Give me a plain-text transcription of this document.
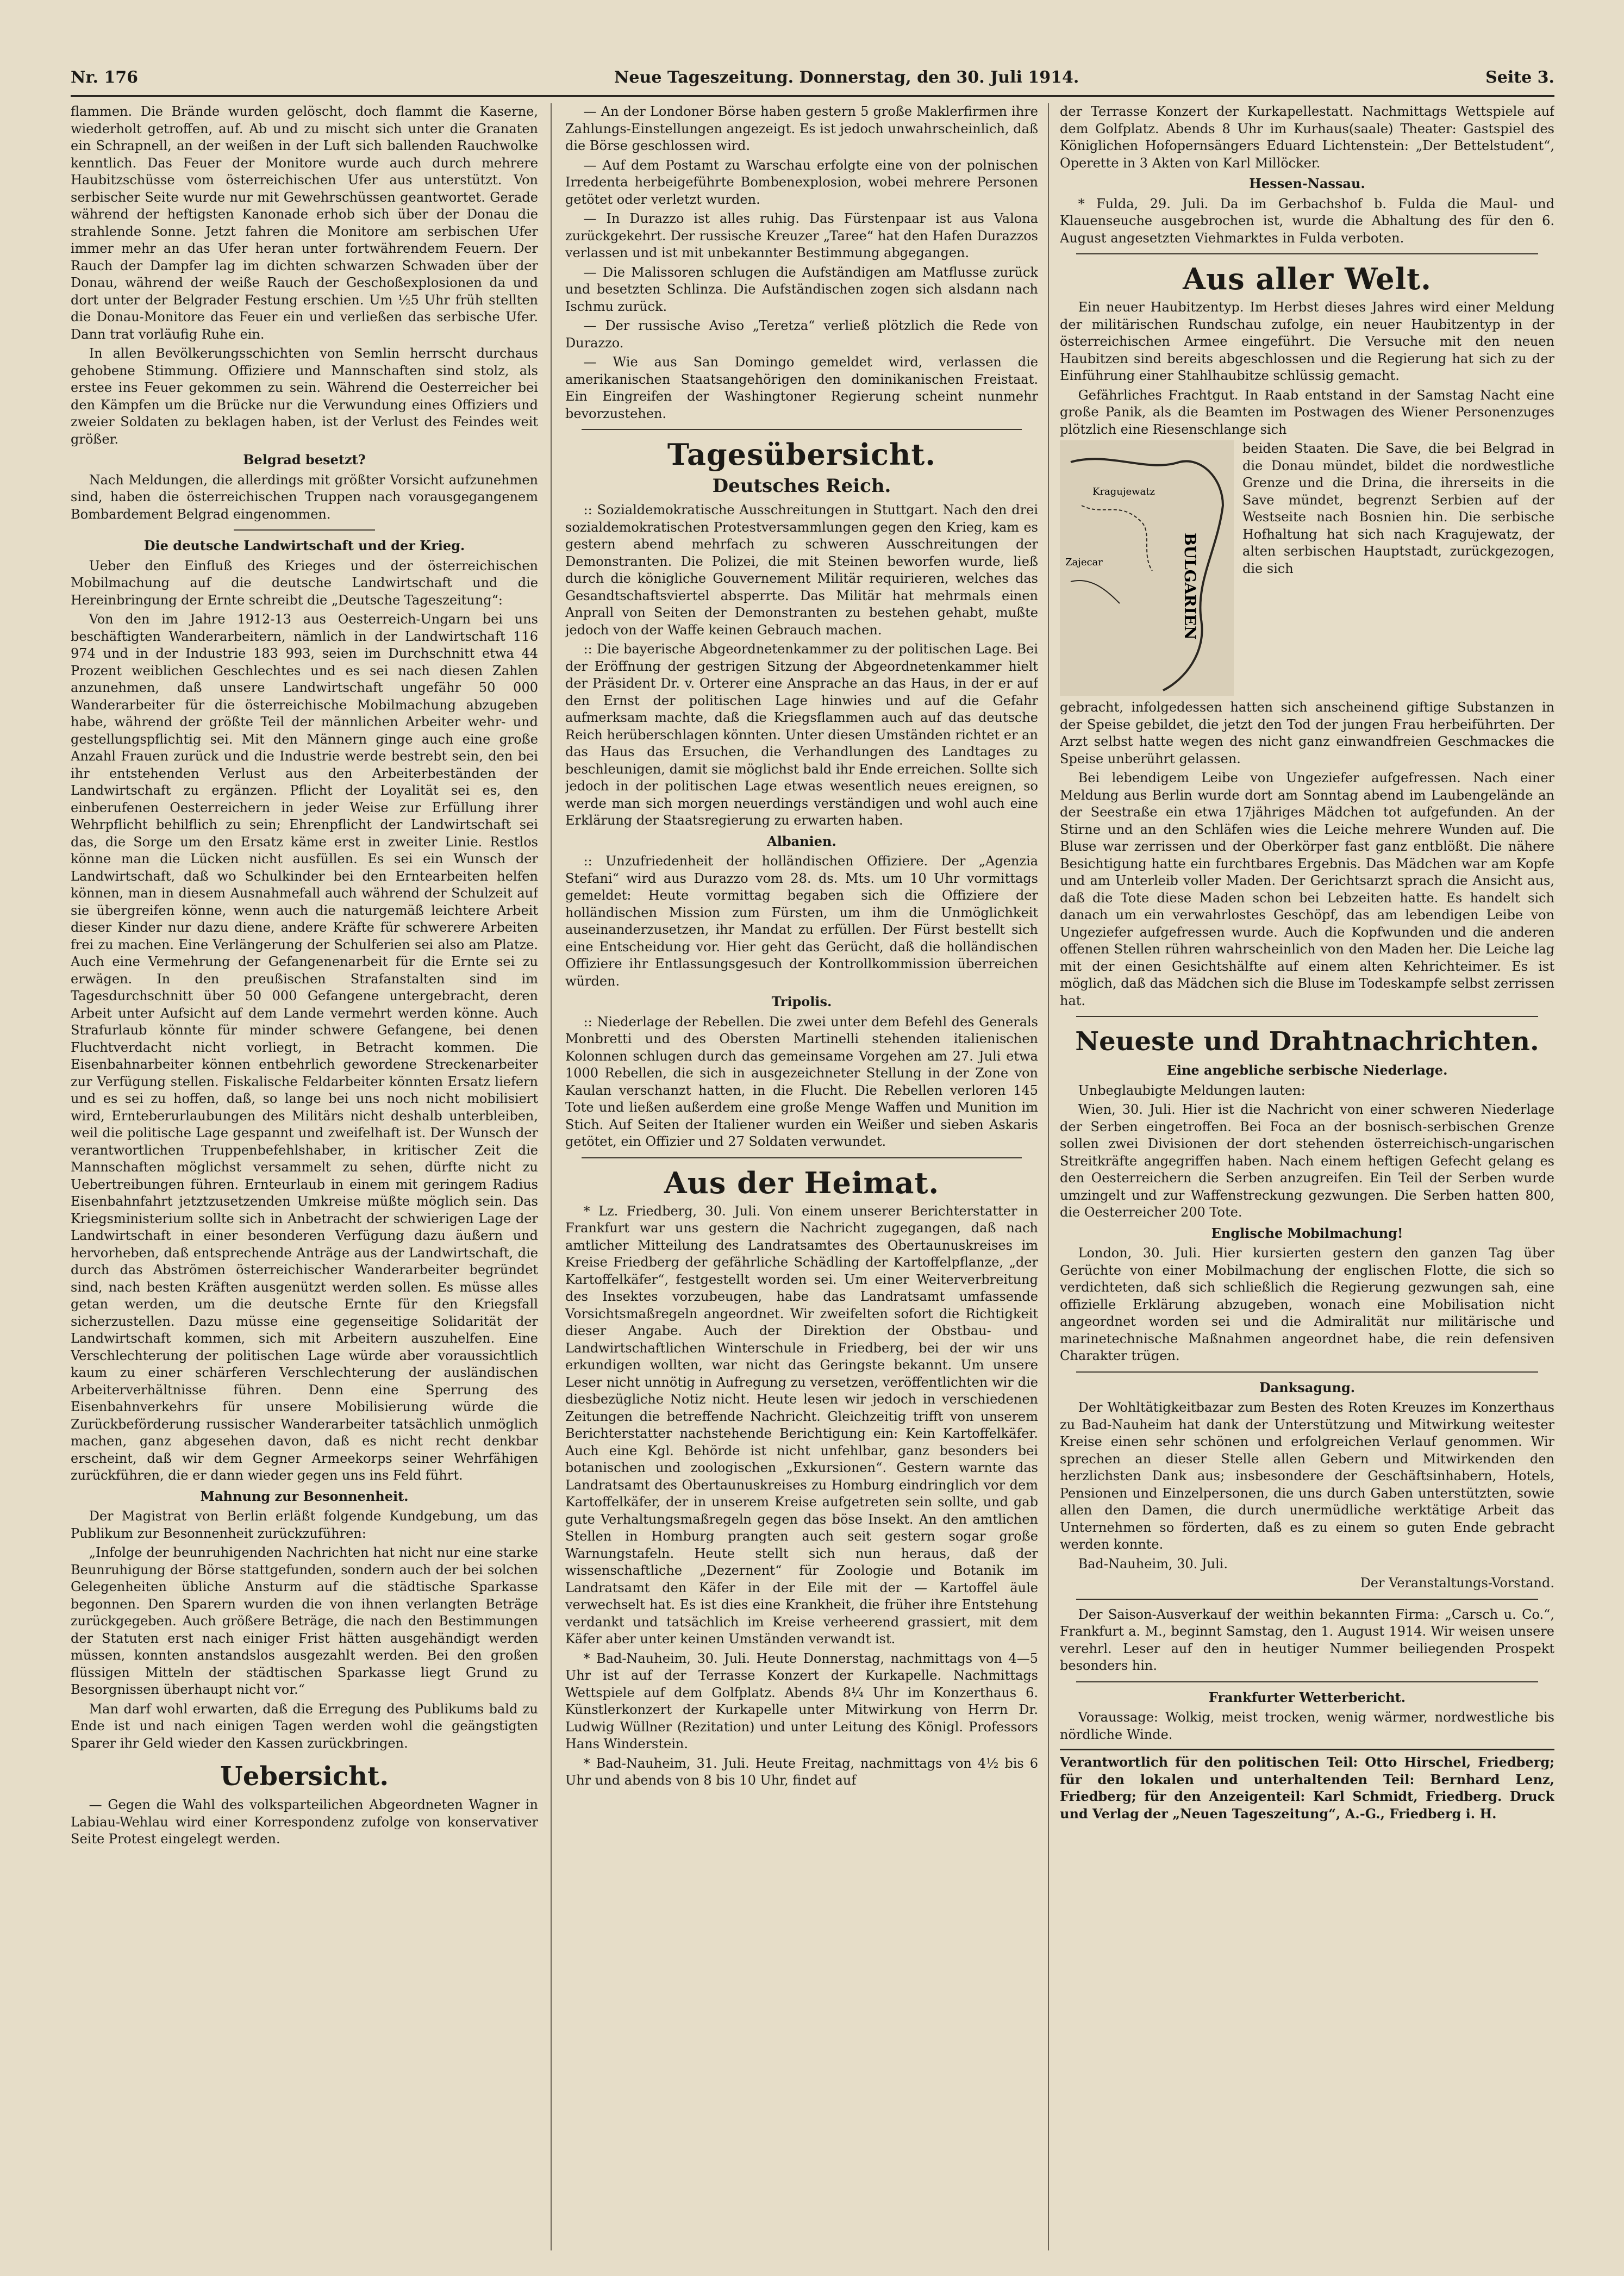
Nr. 176	Neue Tageszeitung. Donnerstag, den 30. Juli 1914.	Seite 3.

flammen. Die Brände wurden gelöscht, doch flammt die Kaserne, wiederholt getroffen, auf. Ab und zu mischt sich unter die Granaten ein Schrapnell, an der weißen in der Luft sich ballenden Rauchwolke kenntlich. Das Feuer der Monitore wurde auch durch mehrere Haubitzschüsse vom österreichischen Ufer aus unterstützt. Von serbischer Seite wurde nur mit Gewehrschüssen geantwortet. Gerade während der heftigsten Kanonade erhob sich über der Donau die strahlende Sonne. Jetzt fahren die Monitore am serbischen Ufer immer mehr an das Ufer heran unter fortwährendem Feuern. Der Rauch der Dampfer lag im dichten schwarzen Schwaden über der Donau, während der weiße Rauch der Geschoßexplosionen da und dort unter der Belgrader Festung erschien. Um ½5 Uhr früh stellten die Donau-Monitore das Feuer ein und verließen das serbische Ufer. Dann trat vorläufig Ruhe ein.

In allen Bevölkerungsschichten von Semlin herrscht durchaus gehobene Stimmung. Offiziere und Mannschaften sind stolz, als erstee ins Feuer gekommen zu sein. Während die Oesterreicher bei den Kämpfen um die Brücke nur die Verwundung eines Offiziers und zweier Soldaten zu beklagen haben, ist der Verlust des Feindes weit größer.

Belgrad besetzt?

Nach Meldungen, die allerdings mit größter Vorsicht aufzunehmen sind, haben die österreichischen Truppen nach vorausgegangenem Bombardement Belgrad eingenommen.

Die deutsche Landwirtschaft und der Krieg.

Ueber den Einfluß des Krieges und der österreichischen Mobilmachung auf die deutsche Landwirtschaft und die Hereinbringung der Ernte schreibt die „Deutsche Tageszeitung“:

Von den im Jahre 1912-13 aus Oesterreich-Ungarn bei uns beschäftigten Wanderarbeitern, nämlich in der Landwirtschaft 116 974 und in der Industrie 183 993, seien im Durchschnitt etwa 44 Prozent weiblichen Geschlechtes und es sei nach diesen Zahlen anzunehmen, daß unsere Landwirtschaft ungefähr 50 000 Wanderarbeiter für die österreichische Mobilmachung abzugeben habe, während der größte Teil der männlichen Arbeiter wehr- und gestellungspflichtig sei. Mit den Männern ginge auch eine große Anzahl Frauen zurück und die Industrie werde bestrebt sein, den bei ihr entstehenden Verlust aus den Arbeiterbeständen der Landwirtschaft zu ergänzen. Pflicht der Loyalität sei es, den einberufenen Oesterreichern in jeder Weise zur Erfüllung ihrer Wehrpflicht behilflich zu sein; Ehrenpflicht der Landwirtschaft sei das, die Sorge um den Ersatz käme erst in zweiter Linie. Restlos könne man die Lücken nicht ausfüllen. Es sei ein Wunsch der Landwirtschaft, daß wo Schulkinder bei den Erntearbeiten helfen können, man in diesem Ausnahmefall auch während der Schulzeit auf sie übergreifen könne, wenn auch die naturgemäß leichtere Arbeit dieser Kinder nur dazu diene, andere Kräfte für schwerere Arbeiten frei zu machen. Eine Verlängerung der Schulferien sei also am Platze. Auch eine Vermehrung der Gefangenenarbeit für die Ernte sei zu erwägen. In den preußischen Strafanstalten sind im Tagesdurchschnitt über 50 000 Gefangene untergebracht, deren Arbeit unter Aufsicht auf dem Lande vermehrt werden könne. Auch Strafurlaub könnte für minder schwere Gefangene, bei denen Fluchtverdacht nicht vorliegt, in Betracht kommen. Die Eisenbahnarbeiter können entbehrlich gewordene Streckenarbeiter zur Verfügung stellen. Fiskalische Feldarbeiter könnten Ersatz liefern und es sei zu hoffen, daß, so lange bei uns noch nicht mobilisiert wird, Ernteberurlaubungen des Militärs nicht deshalb unterbleiben, weil die politische Lage gespannt und zweifelhaft ist. Der Wunsch der verantwortlichen Truppenbefehlshaber, in kritischer Zeit die Mannschaften möglichst versammelt zu sehen, dürfte nicht zu Uebertreibungen führen. Ernteurlaub in einem mit geringem Radius Eisenbahnfahrt jetztzusetzenden Umkreise müßte möglich sein. Das Kriegsministerium sollte sich in Anbetracht der schwierigen Lage der Landwirtschaft in einer besonderen Verfügung dazu äußern und hervorheben, daß entsprechende Anträge aus der Landwirtschaft, die durch das Abströmen österreichischer Wanderarbeiter begründet sind, nach besten Kräften ausgenützt werden sollen. Es müsse alles getan werden, um die deutsche Ernte für den Kriegsfall sicherzustellen. Dazu müsse eine gegenseitige Solidarität der Landwirtschaft kommen, sich mit Arbeitern auszuhelfen. Eine Verschlechterung der politischen Lage würde aber voraussichtlich kaum zu einer schärferen Verschlechterung der ausländischen Arbeiterverhältnisse führen. Denn eine Sperrung des Eisenbahnverkehrs für unsere Mobilisierung würde die Zurückbeförderung russischer Wanderarbeiter tatsächlich unmöglich machen, ganz abgesehen davon, daß es nicht recht denkbar erscheint, daß wir dem Gegner Armeekorps seiner Wehrfähigen zurückführen, die er dann wieder gegen uns ins Feld führt.

Mahnung zur Besonnenheit.

Der Magistrat von Berlin erläßt folgende Kundgebung, um das Publikum zur Besonnenheit zurückzuführen:

„Infolge der beunruhigenden Nachrichten hat nicht nur eine starke Beunruhigung der Börse stattgefunden, sondern auch der bei solchen Gelegenheiten übliche Ansturm auf die städtische Sparkasse begonnen. Den Sparern wurden die von ihnen verlangten Beträge zurückgegeben. Auch größere Beträge, die nach den Bestimmungen der Statuten erst nach einiger Frist hätten ausgehändigt werden müssen, konnten anstandslos ausgezahlt werden. Bei den großen flüssigen Mitteln der städtischen Sparkasse liegt Grund zu Besorgnissen überhaupt nicht vor.“

Man darf wohl erwarten, daß die Erregung des Publikums bald zu Ende ist und nach einigen Tagen werden wohl die geängstigten Sparer ihr Geld wieder den Kassen zurückbringen.

Uebersicht.

— Gegen die Wahl des volksparteilichen Abgeordneten Wagner in Labiau-Wehlau wird einer Korrespondenz zufolge von konservativer Seite Protest eingelegt werden.

— An der Londoner Börse haben gestern 5 große Maklerfirmen ihre Zahlungs-Einstellungen angezeigt. Es ist jedoch unwahrscheinlich, daß die Börse geschlossen wird.

— Auf dem Postamt zu Warschau erfolgte eine von der polnischen Irredenta herbeigeführte Bombenexplosion, wobei mehrere Personen getötet oder verletzt wurden.

— In Durazzo ist alles ruhig. Das Fürstenpaar ist aus Valona zurückgekehrt. Der russische Kreuzer „Taree“ hat den Hafen Durazzos verlassen und ist mit unbekannter Bestimmung abgegangen.

— Die Malissoren schlugen die Aufständigen am Matflusse zurück und besetzten Schlinza. Die Aufständischen zogen sich alsdann nach Ischmu zurück.

— Der russische Aviso „Teretza“ verließ plötzlich die Rede von Durazzo.

— Wie aus San Domingo gemeldet wird, verlassen die amerikanischen Staatsangehörigen den dominikanischen Freistaat. Ein Eingreifen der Washingtoner Regierung scheint nunmehr bevorzustehen.

Tagesübersicht.
Deutsches Reich.

:: Sozialdemokratische Ausschreitungen in Stuttgart. Nach den drei sozialdemokratischen Protestversammlungen gegen den Krieg, kam es gestern abend mehrfach zu schweren Ausschreitungen der Demonstranten. Die Polizei, die mit Steinen beworfen wurde, ließ durch die königliche Gouvernement Militär requirieren, welches das Gesandtschaftsviertel absperrte. Das Militär hat mehrmals einen Anprall von Seiten der Demonstranten zu bestehen gehabt, mußte jedoch von der Waffe keinen Gebrauch machen.

:: Die bayerische Abgeordnetenkammer zu der politischen Lage. Bei der Eröffnung der gestrigen Sitzung der Abgeordnetenkammer hielt der Präsident Dr. v. Orterer eine Ansprache an das Haus, in der er auf den Ernst der politischen Lage hinwies und auf die Gefahr aufmerksam machte, daß die Kriegsflammen auch auf das deutsche Reich herüberschlagen könnten. Unter diesen Umständen richtet er an das Haus das Ersuchen, die Verhandlungen des Landtages zu beschleunigen, damit sie möglichst bald ihr Ende erreichen. Sollte sich jedoch in der politischen Lage etwas wesentlich neues ereignen, so werde man sich morgen neuerdings verständigen und wohl auch eine Erklärung der Staatsregierung zu erwarten haben.

Albanien.

:: Unzufriedenheit der holländischen Offiziere. Der „Agenzia Stefani“ wird aus Durazzo vom 28. ds. Mts. um 10 Uhr vormittags gemeldet: Heute vormittag begaben sich die Offiziere der holländischen Mission zum Fürsten, um ihm die Unmöglichkeit auseinanderzusetzen, ihr Mandat zu erfüllen. Der Fürst bestellt sich eine Entscheidung vor. Hier geht das Gerücht, daß die holländischen Offiziere ihr Entlassungsgesuch der Kontrollkommission überreichen würden.

Tripolis.

:: Niederlage der Rebellen. Die zwei unter dem Befehl des Generals Monbretti und des Obersten Martinelli stehenden italienischen Kolonnen schlugen durch das gemeinsame Vorgehen am 27. Juli etwa 1000 Rebellen, die sich in ausgezeichneter Stellung in der Zone von Kaulan verschanzt hatten, in die Flucht. Die Rebellen verloren 145 Tote und ließen außerdem eine große Menge Waffen und Munition im Stich. Auf Seiten der Italiener wurden ein Weißer und sieben Askaris getötet, ein Offizier und 27 Soldaten verwundet.

Aus der Heimat.

* Lz. Friedberg, 30. Juli. Von einem unserer Berichterstatter in Frankfurt war uns gestern die Nachricht zugegangen, daß nach amtlicher Mitteilung des Landratsamtes des Obertaunuskreises im Kreise Friedberg der gefährliche Schädling der Kartoffelpflanze, „der Kartoffelkäfer“, festgestellt worden sei. Um einer Weiterverbreitung des Insektes vorzubeugen, habe das Landratsamt umfassende Vorsichtsmaßregeln angeordnet. Wir zweifelten sofort die Richtigkeit dieser Angabe. Auch der Direktion der Obstbau- und Landwirtschaftlichen Winterschule in Friedberg, bei der wir uns erkundigen wollten, war nicht das Geringste bekannt. Um unsere Leser nicht unnötig in Aufregung zu versetzen, veröffentlichten wir die diesbezügliche Notiz nicht. Heute lesen wir jedoch in verschiedenen Zeitungen die betreffende Nachricht. Gleichzeitig trifft von unserem Berichterstatter nachstehende Berichtigung ein: Kein Kartoffelkäfer. Auch eine Kgl. Behörde ist nicht unfehlbar, ganz besonders bei botanischen und zoologischen „Exkursionen“. Gestern warnte das Landratsamt des Obertaunuskreises zu Homburg eindringlich vor dem Kartoffelkäfer, der in unserem Kreise aufgetreten sein sollte, und gab gute Verhaltungsmaßregeln gegen das böse Insekt. An den amtlichen Stellen in Homburg prangten auch seit gestern sogar große Warnungstafeln. Heute stellt sich nun heraus, daß der wissenschaftliche „Dezernent“ für Zoologie und Botanik im Landratsamt den Käfer in der Eile mit der — Kartoffel äule verwechselt hat. Es ist dies eine Krankheit, die früher ihre Entstehung verdankt und tatsächlich im Kreise verheerend grassiert, mit dem Käfer aber unter keinen Umständen verwandt ist.

* Bad-Nauheim, 30. Juli. Heute Donnerstag, nachmittags von 4—5 Uhr ist auf der Terrasse Konzert der Kurkapelle. Nachmittags Wettspiele auf dem Golfplatz. Abends 8¼ Uhr im Konzerthaus 6. Künstlerkonzert der Kurkapelle unter Mitwirkung von Herrn Dr. Ludwig Wüllner (Rezitation) und unter Leitung des Königl. Professors Hans Winderstein.

* Bad-Nauheim, 31. Juli. Heute Freitag, nachmittags von 4½ bis 6 Uhr und abends von 8 bis 10 Uhr, findet auf

der Terrasse Konzert der Kurkapellestatt. Nachmittags Wettspiele auf dem Golfplatz. Abends 8 Uhr im Kurhaus(saale) Theater: Gastspiel des Königlichen Hofopernsängers Eduard Lichtenstein: „Der Bettelstudent“, Operette in 3 Akten von Karl Millöcker.

Hessen-Nassau.

* Fulda, 29. Juli. Da im Gerbachshof b. Fulda die Maul- und Klauenseuche ausgebrochen ist, wurde die Abhaltung des für den 6. August angesetzten Viehmarktes in Fulda verboten.

Aus aller Welt.

Ein neuer Haubitzentyp. Im Herbst dieses Jahres wird einer Meldung der militärischen Rundschau zufolge, ein neuer Haubitzentyp in der österreichischen Armee eingeführt. Die Versuche mit den neuen Haubitzen sind bereits abgeschlossen und die Regierung hat sich zu der Einführung einer Stahlhaubitze schlüssig gemacht.

Gefährliches Frachtgut. In Raab entstand in der Samstag Nacht eine große Panik, als die Beamten im Postwagen des Wiener Personenzuges plötzlich eine Riesenschlange sich

Kragujewatz
Zajecar	BULGARIEN

beiden Staaten. Die Save, die bei Belgrad in die Donau mündet, bildet die nordwestliche Grenze und die Drina, die ihrerseits in die Save mündet, begrenzt Serbien auf der Westseite nach Bosnien hin. Die serbische Hofhaltung hat sich nach Kragujewatz, der alten serbischen Hauptstadt, zurückgezogen, die sich

gebracht, infolgedessen hatten sich anscheinend giftige Substanzen in der Speise gebildet, die jetzt den Tod der jungen Frau herbeiführten. Der Arzt selbst hatte wegen des nicht ganz einwandfreien Geschmackes die Speise unberührt gelassen.

Bei lebendigem Leibe von Ungeziefer aufgefressen. Nach einer Meldung aus Berlin wurde dort am Sonntag abend im Laubengelände an der Seestraße ein etwa 17jähriges Mädchen tot aufgefunden. An der Stirne und an den Schläfen wies die Leiche mehrere Wunden auf. Die Bluse war zerrissen und der Oberkörper fast ganz entblößt. Die nähere Besichtigung hatte ein furchtbares Ergebnis. Das Mädchen war am Kopfe und am Unterleib voller Maden. Der Gerichtsarzt sprach die Ansicht aus, daß die Tote diese Maden schon bei Lebzeiten hatte. Es handelt sich danach um ein verwahrlostes Geschöpf, das am lebendigen Leibe von Ungeziefer aufgefressen wurde. Auch die Kopfwunden und die anderen offenen Stellen rühren wahrscheinlich von den Maden her. Die Leiche lag mit der einen Gesichtshälfte auf einem alten Kehrichteimer. Es ist möglich, daß das Mädchen sich die Bluse im Todeskampfe selbst zerrissen hat.

Neueste und Drahtnachrichten.
Eine angebliche serbische Niederlage.

Unbeglaubigte Meldungen lauten:

Wien, 30. Juli. Hier ist die Nachricht von einer schweren Niederlage der Serben eingetroffen. Bei Foca an der bosnisch-serbischen Grenze sollen zwei Divisionen der dort stehenden österreichisch-ungarischen Streitkräfte angegriffen haben. Nach einem heftigen Gefecht gelang es den Oesterreichern die Serben anzugreifen. Ein Teil der Serben wurde umzingelt und zur Waffenstreckung gezwungen. Die Serben hatten 800, die Oesterreicher 200 Tote.

Englische Mobilmachung!

London, 30. Juli. Hier kursierten gestern den ganzen Tag über Gerüchte von einer Mobilmachung der englischen Flotte, die sich so verdichteten, daß sich schließlich die Regierung gezwungen sah, eine offizielle Erklärung abzugeben, wonach eine Mobilisation nicht angeordnet worden sei und die Admiralität nur militärische und marinetechnische Maßnahmen angeordnet habe, die rein defensiven Charakter trügen.

Danksagung.

Der Wohltätigkeitbazar zum Besten des Roten Kreuzes im Konzerthaus zu Bad-Nauheim hat dank der Unterstützung und Mitwirkung weitester Kreise einen sehr schönen und erfolgreichen Verlauf genommen. Wir sprechen an dieser Stelle allen Gebern und Mitwirkenden den herzlichsten Dank aus; insbesondere der Geschäftsinhabern, Hotels, Pensionen und Einzelpersonen, die uns durch Gaben unterstützten, sowie allen den Damen, die durch unermüdliche werktätige Arbeit das Unternehmen so förderten, daß es zu einem so guten Ende gebracht werden konnte.

Bad-Nauheim, 30. Juli.

Der Veranstaltungs-Vorstand.

Der Saison-Ausverkauf der weithin bekannten Firma: „Carsch u. Co.“, Frankfurt a. M., beginnt Samstag, den 1. August 1914. Wir weisen unsere verehrl. Leser auf den in heutiger Nummer beiliegenden Prospekt besonders hin.

Frankfurter Wetterbericht.

Voraussage: Wolkig, meist trocken, wenig wärmer, nordwestliche bis nördliche Winde.

Verantwortlich für den politischen Teil: Otto Hirschel, Friedberg; für den lokalen und unterhaltenden Teil: Bernhard Lenz, Friedberg; für den Anzeigenteil: Karl Schmidt, Friedberg. Druck und Verlag der „Neuen Tageszeitung“, A.-G., Friedberg i. H.
